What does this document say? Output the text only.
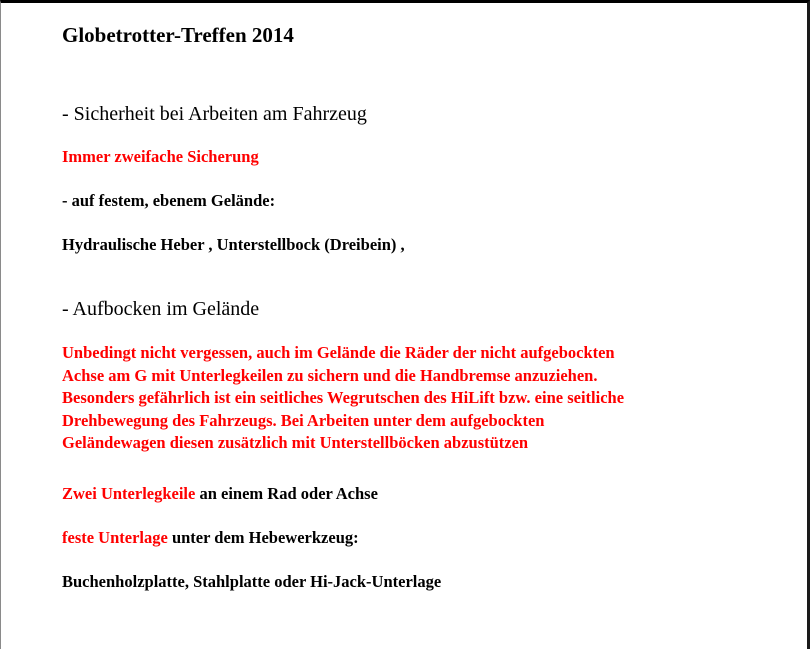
Globetrotter-Treffen 2014
- Sicherheit bei Arbeiten am Fahrzeug

Immer zweifache Sicherung

- auf festem, ebenem Gelände:

Hydraulische Heber , Unterstellbock (Dreibein) ,

- Aufbocken im Gelände
Unbedingt nicht vergessen, auch im Gelände die Räder der nicht aufgebockten
Achse am G mit Unterlegkeilen zu sichern und die Handbremse anzuziehen.
Besonders gefährlich ist ein seitliches Wegrutschen des HiLift bzw. eine seitliche
Drehbewegung des Fahrzeugs. Bei Arbeiten unter dem aufgebockten
Geländewagen diesen zusätzlich mit Unterstellböcken abzustützen

Zwei Unterlegkeile an einem Rad oder Achse

feste Unterlage unter dem Hebewerkzeug:

Buchenholzplatte, Stahlplatte oder Hi-Jack-Unterlage
